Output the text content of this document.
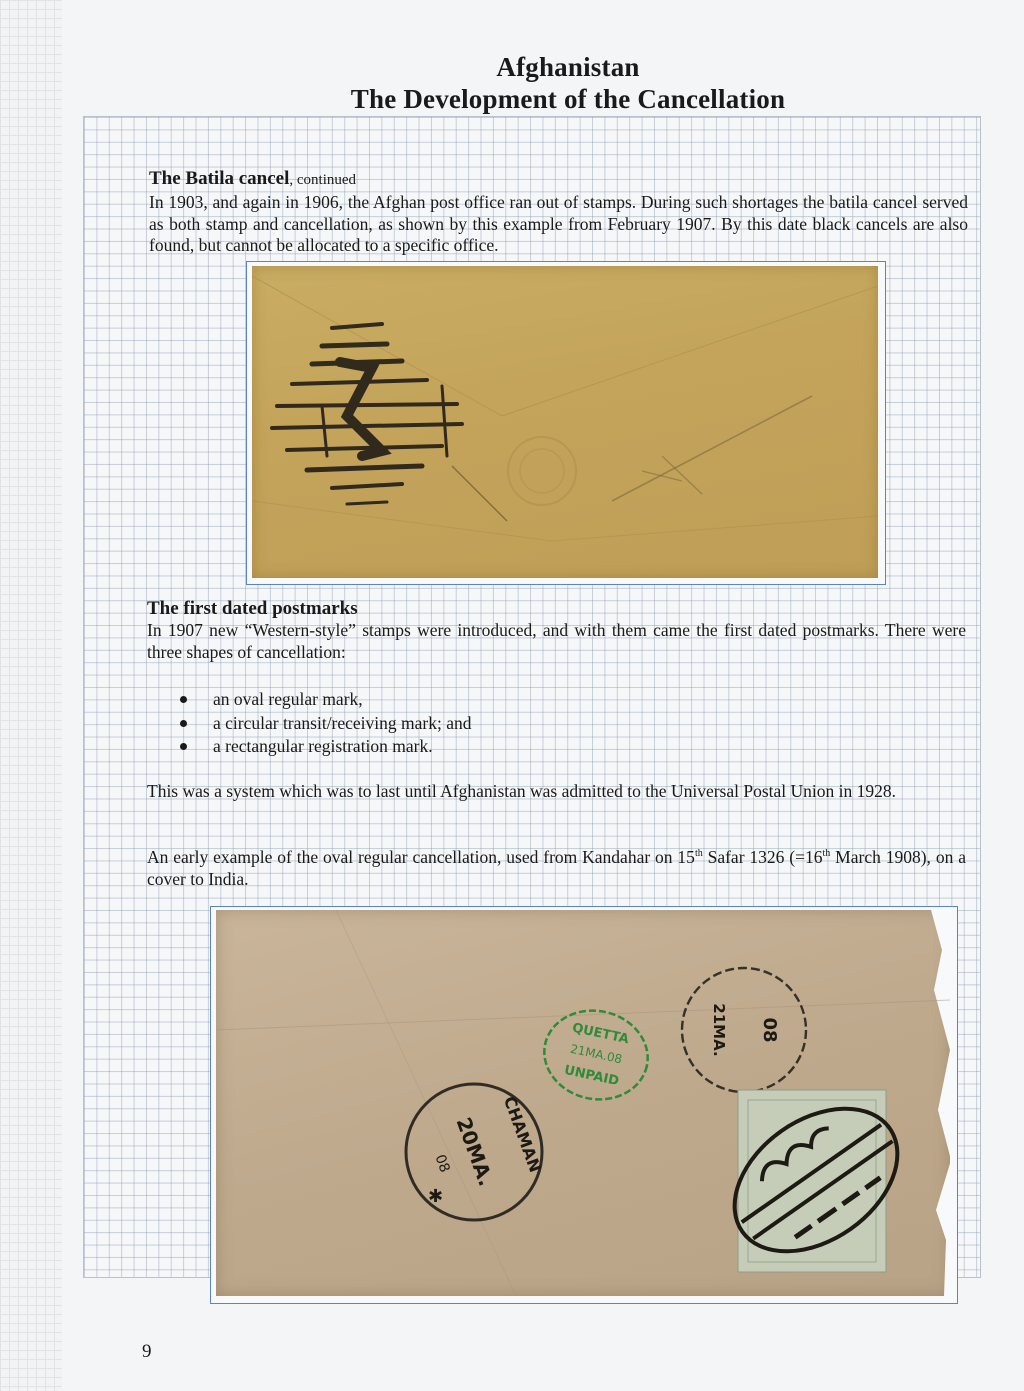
Afghanistan
The Development of the Cancellation
The Batila cancel, continued
In 1903, and again in 1906, the Afghan post office ran out of stamps. During such shortages the batila cancel served as both stamp and cancellation, as shown by this example from February 1907. By this date black cancels are also found, but cannot be allocated to a specific office.
The first dated postmarks
In 1907 new “Western-style” stamps were introduced, and with them came the first dated postmarks. There were three shapes of cancellation:
an oval regular mark,
a circular transit/receiving mark; and
a rectangular registration mark.
This was a system which was to last until Afghanistan was admitted to the Universal Postal Union in 1928.
An early example of the oval regular cancellation, used from Kandahar on 15th Safar 1326 (=16th March 1908), on a cover to India.
QUETTA
21MA.08
UNPAID
08
21MA.
CHAMAN
20MA.
08
✱
9
